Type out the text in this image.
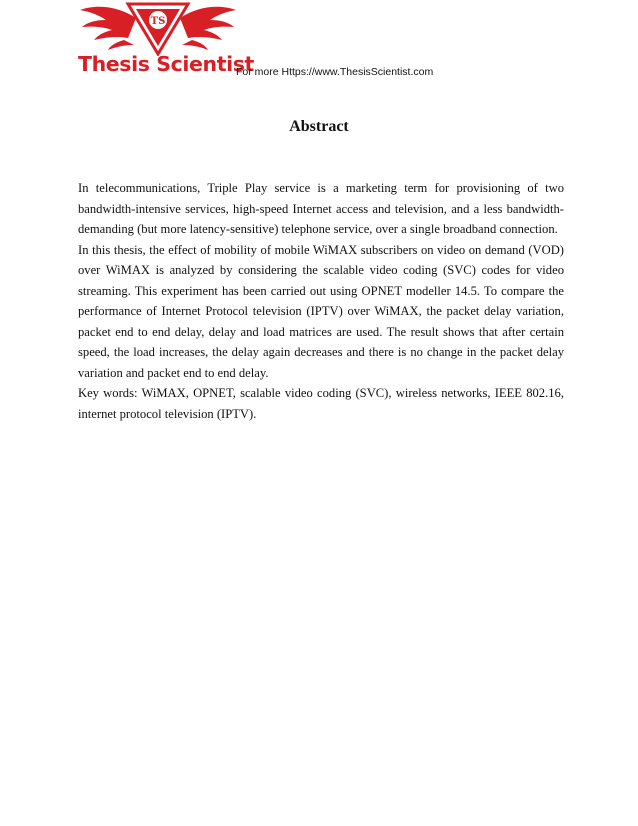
TS
Thesis Scientist
For more Https://www.ThesisScientist.com
Abstract

In telecommunications, Triple Play service is a marketing term for provisioning of two bandwidth-intensive services, high-speed Internet access and television, and a less bandwidth-demanding (but more latency-sensitive) telephone service, over a single broadband connection.

In this thesis, the effect of mobility of mobile WiMAX subscribers on video on demand (VOD) over WiMAX is analyzed by considering the scalable video coding (SVC) codes for video streaming. This experiment has been carried out using OPNET modeller 14.5. To compare the performance of Internet Protocol television (IPTV) over WiMAX, the packet delay variation, packet end to end delay, delay and load matrices are used. The result shows that after certain speed, the load increases, the delay again decreases and there is no change in the packet delay variation and packet end to end delay.

Key words: WiMAX, OPNET, scalable video coding (SVC), wireless networks, IEEE 802.16, internet protocol television (IPTV).
